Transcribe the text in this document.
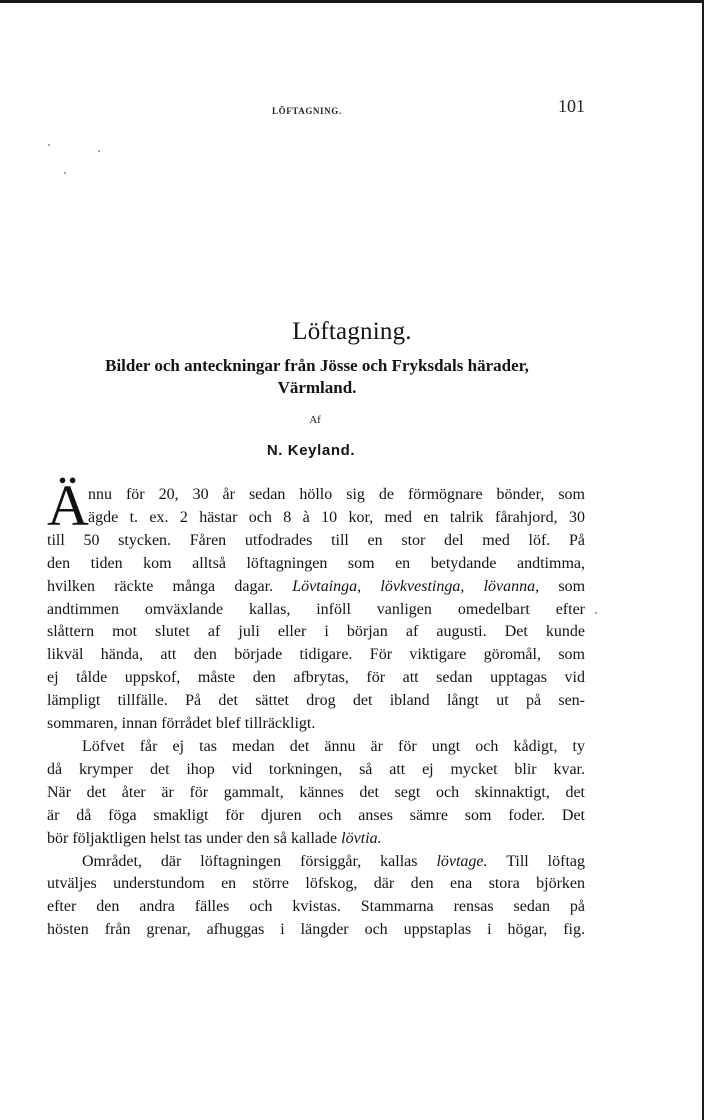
LÖFTAGNING.	101
Löftagning.
Bilder och anteckningar från Jösse och Fryksdals härader,
Värmland.
Af
N. Keyland.
Ä nnu för 20, 30 år sedan höllo sig de förmögnare bönder, som
ägde t. ex. 2 hästar och 8 à 10 kor, med en talrik fårahjord, 30
till 50 stycken. Fåren utfodrades till en stor del med löf. På
den tiden kom alltså löftagningen som en betydande andtimma,
hvilken räckte många dagar. Lövtainga, lövkvestinga, lövanna, som
andtimmen omväxlande kallas, inföll vanligen omedelbart efter
slåttern mot slutet af juli eller i början af augusti. Det kunde
likväl hända, att den började tidigare. För viktigare göromål, som
ej tålde uppskof, måste den afbrytas, för att sedan upptagas vid
lämpligt tillfälle. På det sättet drog det ibland långt ut på sen-
sommaren, innan förrådet blef tillräckligt.
Löfvet får ej tas medan det ännu är för ungt och kådigt, ty
då krymper det ihop vid torkningen, så att ej mycket blir kvar.
När det åter är för gammalt, kännes det segt och skinnaktigt, det
är då föga smakligt för djuren och anses sämre som foder. Det
bör följaktligen helst tas under den så kallade lövtia.
Området, där löftagningen försiggår, kallas lövtage. Till löftag
utväljes understundom en större löfskog, där den ena stora björken
efter den andra fälles och kvistas. Stammarna rensas sedan på
hösten från grenar, afhuggas i längder och uppstaplas i högar, fig.
